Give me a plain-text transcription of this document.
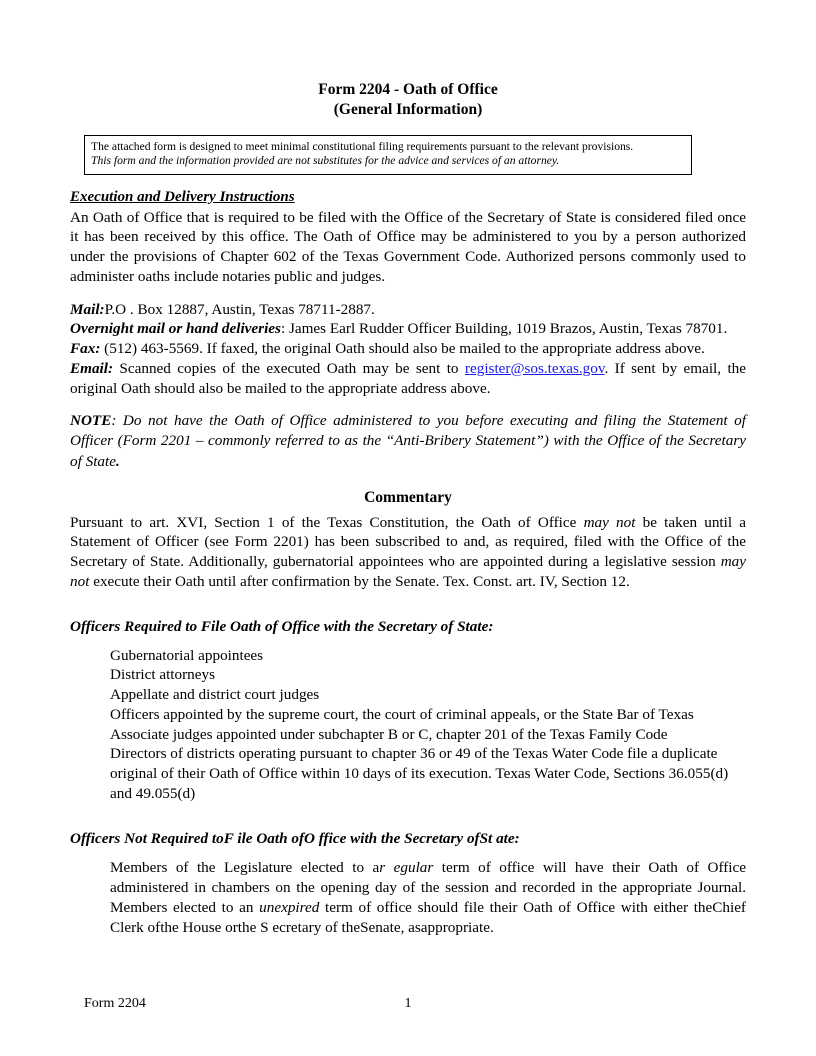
Form 2204 - Oath of Office
(General Information)
The attached form is designed to meet minimal constitutional filing requirements pursuant to the relevant provisions.
This form and the information provided are not substitutes for the advice and services of an attorney.
Execution and Delivery Instructions

An Oath of Office that is required to be filed with the Office of the Secretary of State is considered filed once it has been received by this office. The Oath of Office may be administered to you by a person authorized under the provisions of Chapter 602 of the Texas Government Code. Authorized persons commonly used to administer oaths include notaries public and judges.

Mail:P.O . Box 12887, Austin, Texas 78711-2887.

Overnight mail or hand deliveries: James Earl Rudder Officer Building, 1019 Brazos, Austin, Texas 78701.

Fax: (512) 463-5569. If faxed, the original Oath should also be mailed to the appropriate address above.

Email: Scanned copies of the executed Oath may be sent to register@sos.texas.gov. If sent by email, the original Oath should also be mailed to the appropriate address above.

NOTE: Do not have the Oath of Office administered to you before executing and filing the Statement of Officer (Form 2201 – commonly referred to as the “Anti-Bribery Statement”) with the Office of the Secretary of State.

Commentary

Pursuant to art. XVI, Section 1 of the Texas Constitution, the Oath of Office may not be taken until a Statement of Officer (see Form 2201) has been subscribed to and, as required, filed with the Office of the Secretary of State. Additionally, gubernatorial appointees who are appointed during a legislative session may not execute their Oath until after confirmation by the Senate. Tex. Const. art. IV, Section 12.

Officers Required to File Oath of Office with the Secretary of State:
Gubernatorial appointees
District attorneys
Appellate and district court judges
Officers appointed by the supreme court, the court of criminal appeals, or the State Bar of Texas
Associate judges appointed under subchapter B or C, chapter 201 of the Texas Family Code
Directors of districts operating pursuant to chapter 36 or 49 of the Texas Water Code file a duplicate original of their Oath of Office within 10 days of its execution. Texas Water Code, Sections 36.055(d) and 49.055(d)
Officers Not Required toF ile Oath ofO ffice with the Secretary ofSt ate:

Members of the Legislature elected to ar egular term of office will have their Oath of Office administered in chambers on the opening day of the session and recorded in the appropriate Journal. Members elected to an unexpired term of office should file their Oath of Office with either theChief Clerk ofthe House orthe S ecretary of theSenate, asappropriate.

Form 2204	1
